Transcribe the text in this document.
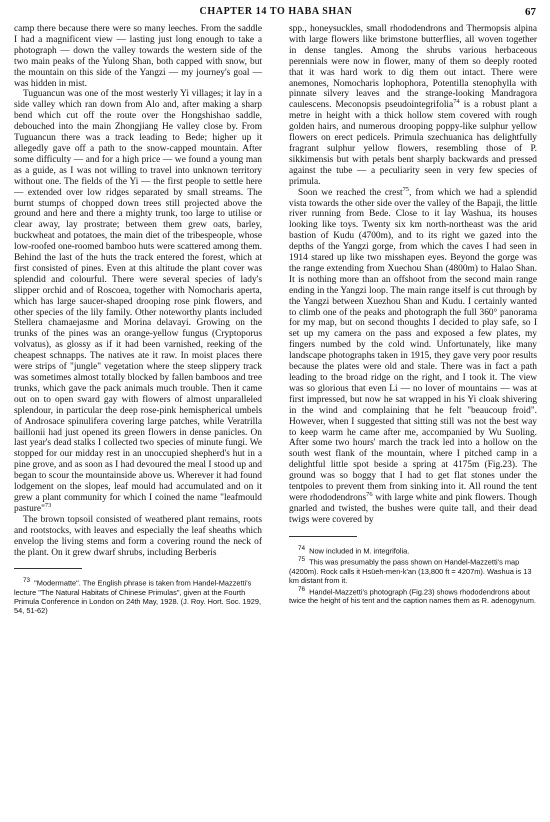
CHAPTER 14 TO HABA SHAN	67

camp there because there were so many leeches. From the saddle I had a magnificent view — lasting just long enough to take a photograph — down the valley towards the western side of the two main peaks of the Yulong Shan, both capped with snow, but the mountain on this side of the Yangzi — my journey's goal — was hidden in mist.

Tuguancun was one of the most westerly Yi villages; it lay in a side valley which ran down from Alo and, after making a sharp bend which cut off the route over the Hongshishao saddle, debouched into the main Zhongjiang He valley close by. From Tuguancun there was a track leading to Bede; higher up it allegedly gave off a path to the snow-capped mountain. After some difficulty — and for a high price — we found a young man as a guide, as I was not willing to travel into unknown territory without one. The fields of the Yi — the first people to settle here — extended over low ridges separated by small streams. The burnt stumps of chopped down trees still projected above the ground and here and there a mighty trunk, too large to utilise or clear away, lay prostrate; between them grew oats, barley, buckwheat and potatoes, the main diet of the tribespeople, whose low-roofed one-roomed bamboo huts were scattered among them. Behind the last of the huts the track entered the forest, which at first consisted of pines. Even at this altitude the plant cover was splendid and colourful. There were several species of lady's slipper orchid and of Roscoea, together with Nomocharis aperta, which has large saucer-shaped drooping rose pink flowers, and other species of the lily family. Other noteworthy plants included Stellera chamaejasme and Morina delavayi. Growing on the trunks of the pines was an orange-yellow fungus (Cryptoporus volvatus), as glossy as if it had been varnished, reeking of the cheapest schnapps. The natives ate it raw. In moist places there were strips of "jungle" vegetation where the steep slippery track was sometimes almost totally blocked by fallen bamboos and tree trunks, which gave the pack animals much trouble. Then it came out on to open sward gay with flowers of almost unparalleled splendour, in particular the deep rose-pink hemispherical umbels of Androsace spinulifera covering large patches, while Veratrilla baillonii had just opened its green flowers in dense panicles. On last year's dead stalks I collected two species of minute fungi. We stopped for our midday rest in an unoccupied shepherd's hut in a pine grove, and as soon as I had devoured the meal I stood up and began to scour the mountainside above us. Wherever it had found lodgement on the slopes, leaf mould had accumulated and on it grew a plant community for which I coined the name "leafmould pasture"$^{73}$

The brown topsoil consisted of weathered plant remains, roots and rootstocks, with leaves and especially the leaf sheaths which envelop the living stems and form a covering round the neck of the plant. On it grew dwarf shrubs, including Berberis

73 "Modermatte". The English phrase is taken from Handel-Mazzetti's lecture "The Natural Habitats of Chinese Primulas", given at the Fourth Primula Conference in London on 24th May, 1928. (J. Roy. Hort. Soc. 1929, 54, 51-62)

spp., honeysuckles, small rhododendrons and Thermopsis alpina with large flowers like brimstone butterflies, all woven together in dense tangles. Among the shrubs various herbaceous perennials were now in flower, many of them so deeply rooted that it was hard work to dig them out intact. There were anemones, Nomocharis lophophora, Potentilla stenophylla with pinnate silvery leaves and the strange-looking Mandragora caulescens. Meconopsis pseudointegrifolia$^{74}$ is a robust plant a metre in height with a thick hollow stem covered with rough golden hairs, and numerous drooping poppy-like sulphur yellow flowers on erect pedicels. Primula szechuanica has delightfully fragrant sulphur yellow flowers, resembling those of P. sikkimensis but with petals bent sharply backwards and pressed against the tube — a peculiarity seen in very few species of primula.

Soon we reached the crest$^{75}$, from which we had a splendid vista towards the other side over the valley of the Bapaji, the little river running from Bede. Close to it lay Washua, its houses looking like toys. Twenty six km north-northeast was the arid bastion of Kudu (4700m), and to its right we gazed into the depths of the Yangzi gorge, from which the caves I had seen in 1914 stared up like two misshapen eyes. Beyond the gorge was the range extending from Xuechou Shan (4800m) to Halao Shan. It is nothing more than an offshoot from the second main range ending in the Yangzi loop. The main range itself is cut through by the Yangzi between Xuezhou Shan and Kudu. I certainly wanted to climb one of the peaks and photograph the full 360° panorama for my map, but on second thoughts I decided to play safe, so I set up my camera on the pass and exposed a few plates, my fingers numbed by the cold wind. Unfortunately, like many landscape photographs taken in 1915, they gave very poor results because the plates were old and stale. There was in fact a path leading to the broad ridge on the right, and I took it. The view was so glorious that even Li — no lover of mountains — was at first impressed, but now he sat wrapped in his Yi cloak shivering in the wind and complaining that he felt "beaucoup froid". However, when I suggested that sitting still was not the best way to keep warm he came after me, accompanied by Wu Suoling. After some two hours' march the track led into a hollow on the south west flank of the mountain, where I pitched camp in a delightful little spot beside a spring at 4175m (Fig.23). The ground was so boggy that I had to get flat stones under the tentpoles to prevent them from sinking into it. All round the tent were rhododendrons$^{76}$ with large white and pink flowers. Though gnarled and twisted, the bushes were quite tall, and their dead twigs were covered by

74 Now included in M. integrifolia.

75 This was presumably the pass shown on Handel-Mazzetti's map (4200m). Rock calls it Hsüeh-men-k'an (13,800 ft = 4207m). Washua is 13 km distant from it.

76 Handel-Mazzetti's photograph (Fig.23) shows rhododendrons about twice the height of his tent and the caption names them as R. adenogynum.
